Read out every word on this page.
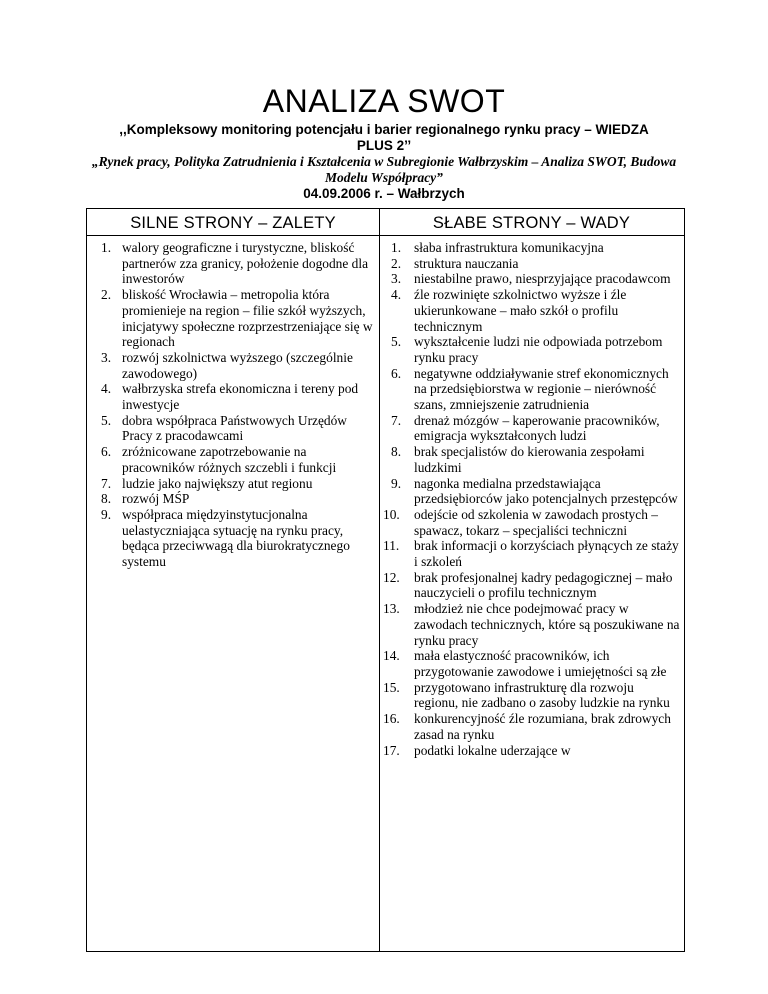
ANALIZA SWOT
,,Kompleksowy monitoring potencjału i barier regionalnego rynku pracy – WIEDZA PLUS 2’’
„Rynek pracy, Polityka Zatrudnienia i Kształcenia w Subregionie Wałbrzyskim – Analiza SWOT, Budowa Modelu Współpracy”
04.09.2006 r. – Wałbrzych
SILNE STRONY – ZALETY
1. walory geograficzne i turystyczne, bliskość partnerów zza granicy, położenie dogodne dla inwestorów
2. bliskość Wrocławia – metropolia która promienieje na region – filie szkół wyższych, inicjatywy społeczne rozprzestrzeniające się w regionach
3. rozwój szkolnictwa wyższego (szczególnie zawodowego)
4. wałbrzyska strefa ekonomiczna i tereny pod inwestycje
5. dobra współpraca Państwowych Urzędów Pracy z pracodawcami
6. zróżnicowane zapotrzebowanie na pracowników różnych szczebli i funkcji
7. ludzie jako największy atut regionu
8. rozwój MŚP
9. współpraca międzyinstytucjonalna uelastyczniająca sytuację na rynku pracy, będąca przeciwwagą dla biurokratycznego systemu
SŁABE STRONY – WADY
1. słaba infrastruktura komunikacyjna
2. struktura nauczania
3. niestabilne prawo, niesprzyjające pracodawcom
4. źle rozwinięte szkolnictwo wyższe i źle ukierunkowane – mało szkół o profilu technicznym
5. wykształcenie ludzi nie odpowiada potrzebom rynku pracy
6. negatywne oddziaływanie stref ekonomicznych na przedsiębiorstwa w regionie – nierówność szans, zmniejszenie zatrudnienia
7. drenaż mózgów – kaperowanie pracowników, emigracja wykształconych ludzi
8. brak specjalistów do kierowania zespołami ludzkimi
9. nagonka medialna przedstawiająca przedsiębiorców jako potencjalnych przestępców
10. odejście od szkolenia w zawodach prostych – spawacz, tokarz – specjaliści techniczni
11. brak informacji o korzyściach płynących ze staży i szkoleń
12. brak profesjonalnej kadry pedagogicznej – mało nauczycieli o profilu technicznym
13. młodzież nie chce podejmować pracy w zawodach technicznych, które są poszukiwane na rynku pracy
14. mała elastyczność pracowników, ich przygotowanie zawodowe i umiejętności są złe
15. przygotowano infrastrukturę dla rozwoju regionu, nie zadbano o zasoby ludzkie na rynku
16. konkurencyjność źle rozumiana, brak zdrowych zasad na rynku
17. podatki lokalne uderzające w
